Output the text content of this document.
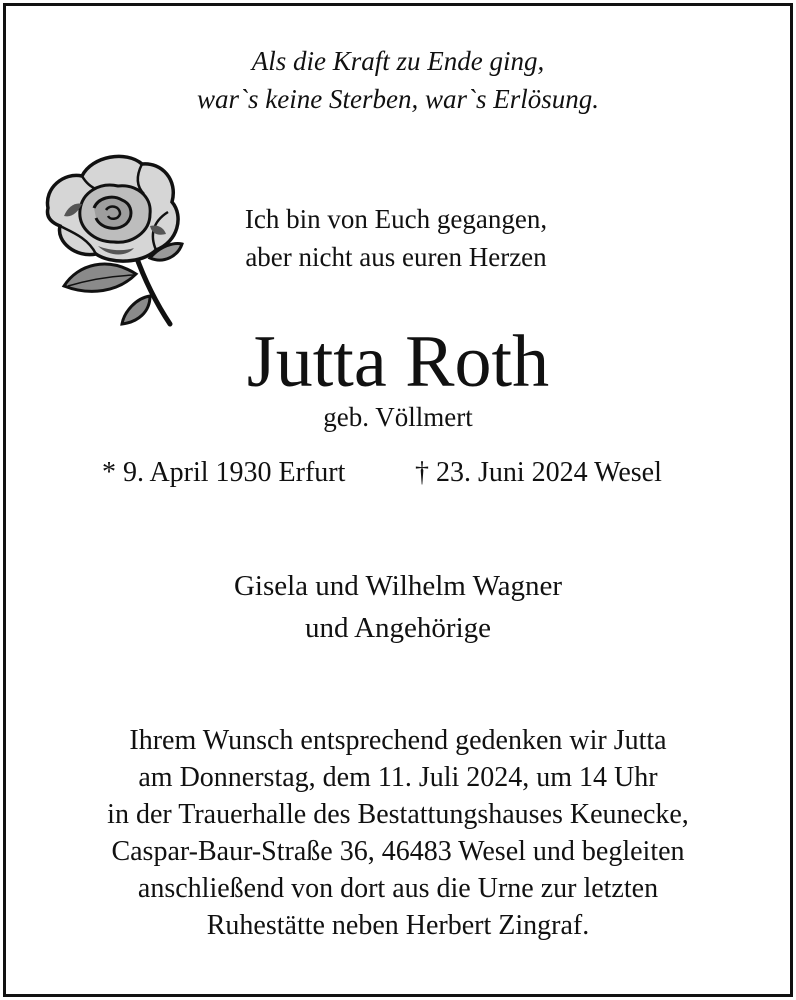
Als die Kraft zu Ende ging,
war`s keine Sterben, war`s Erlösung.
Ich bin von Euch gegangen,
aber nicht aus euren Herzen
Jutta Roth
geb. Völlmert
* 9. April 1930 Erfurt † 23. Juni 2024 Wesel
Gisela und Wilhelm Wagner
und Angehörige
Ihrem Wunsch entsprechend gedenken wir Jutta
am Donnerstag, dem 11. Juli 2024, um 14 Uhr
in der Trauerhalle des Bestattungshauses Keunecke,
Caspar-Baur-Straße 36, 46483 Wesel und begleiten
anschließend von dort aus die Urne zur letzten
Ruhestätte neben Herbert Zingraf.
